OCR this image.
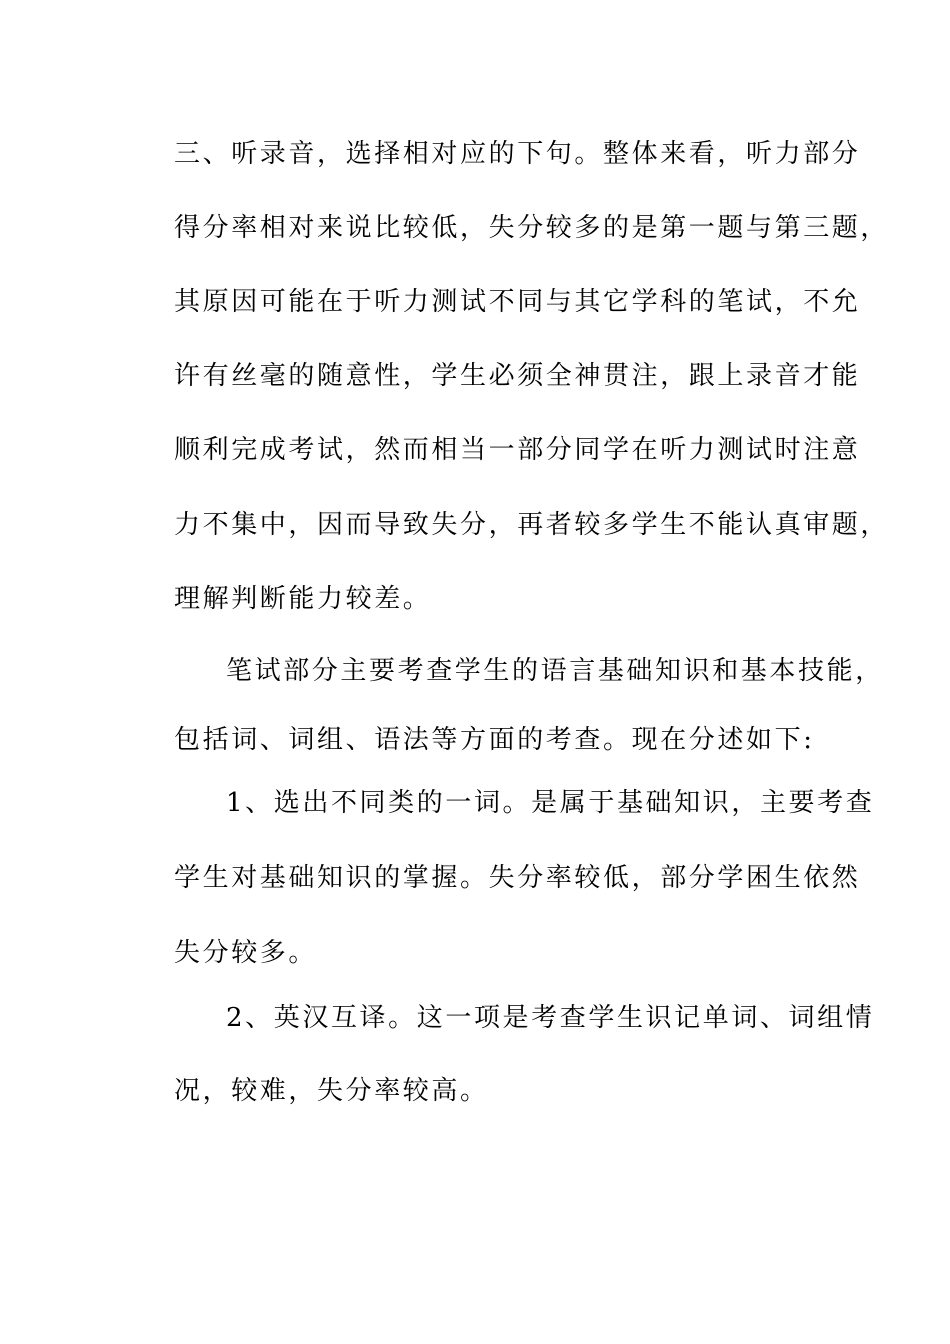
三、听录音，选择相对应的下句。整体来看，听力部分
得分率相对来说比较低，失分较多的是第一题与第三题，
其原因可能在于听力测试不同与其它学科的笔试，不允
许有丝毫的随意性，学生必须全神贯注，跟上录音才能
顺利完成考试，然而相当一部分同学在听力测试时注意
力不集中，因而导致失分，再者较多学生不能认真审题，
理解判断能力较差。
笔试部分主要考查学生的语言基础知识和基本技能，
包括词、词组、语法等方面的考查。现在分述如下:
1、选出不同类的一词。是属于基础知识，主要考查
学生对基础知识的掌握。失分率较低，部分学困生依然
失分较多。
2、英汉互译。这一项是考查学生识记单词、词组情
况，较难，失分率较高。
